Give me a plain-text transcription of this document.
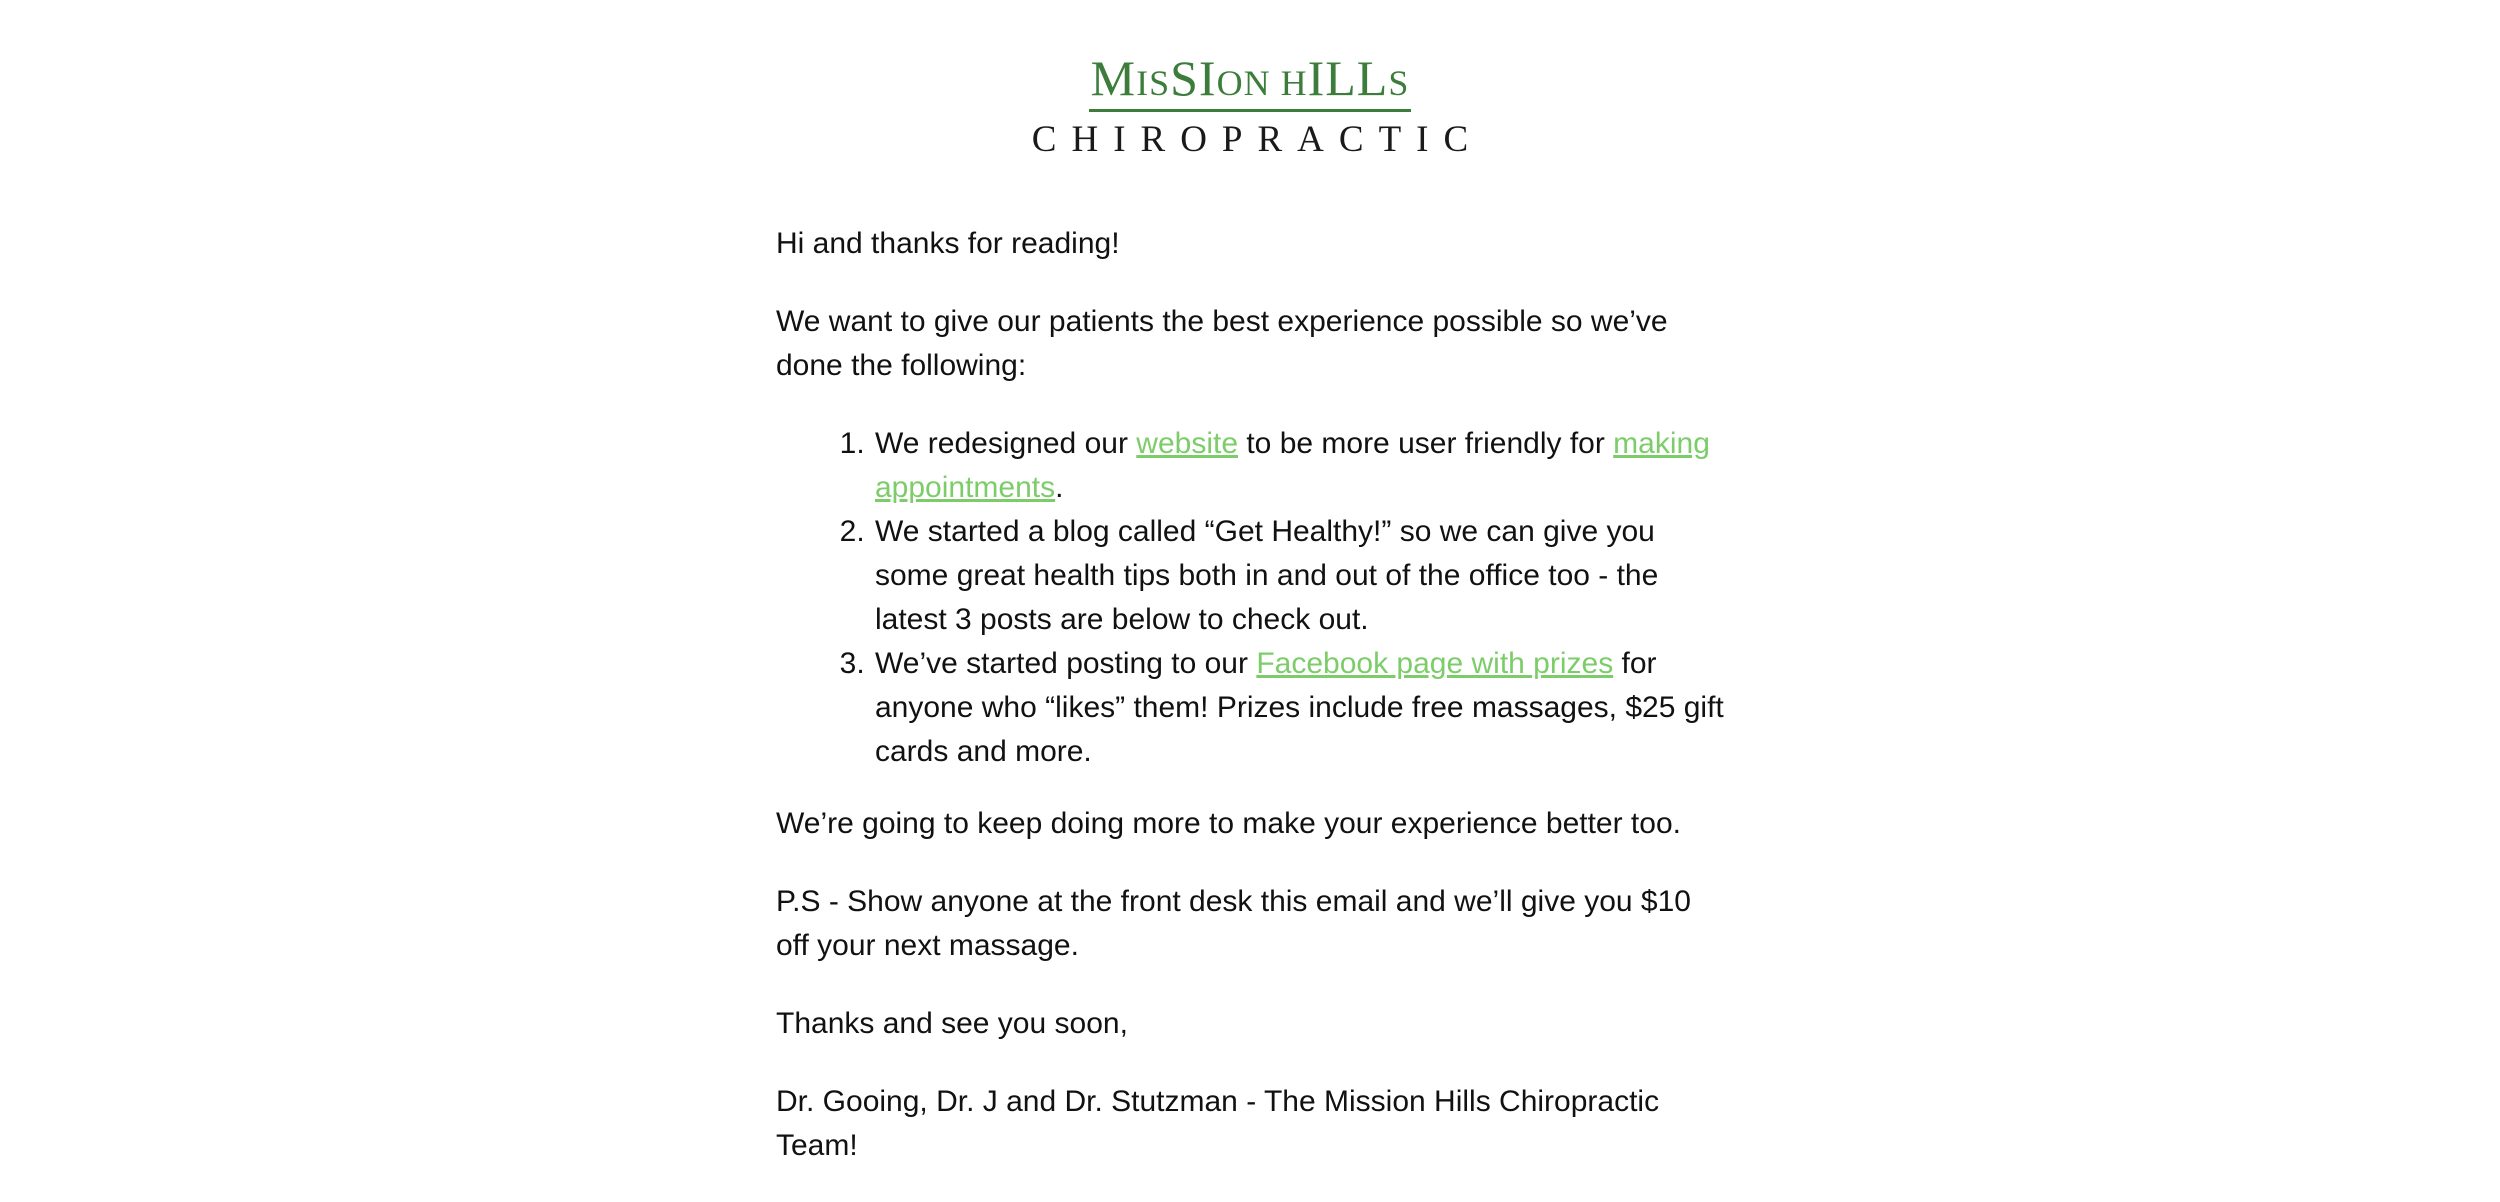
MISSION HILLS
CHIROPRACTIC

Hi and thanks for reading!

We want to give our patients the best experience possible so we’ve done the following:

1. We redesigned our website to be more user friendly for making appointments.
2. We started a blog called “Get Healthy!” so we can give you some great health tips both in and out of the office too - the latest 3 posts are below to check out.
3. We’ve started posting to our Facebook page with prizes for anyone who “likes” them! Prizes include free massages, $25 gift cards and more.

We’re going to keep doing more to make your experience better too.

P.S - Show anyone at the front desk this email and we’ll give you $10 off your next massage.

Thanks and see you soon,

Dr. Gooing, Dr. J and Dr. Stutzman - The Mission Hills Chiropractic Team!
